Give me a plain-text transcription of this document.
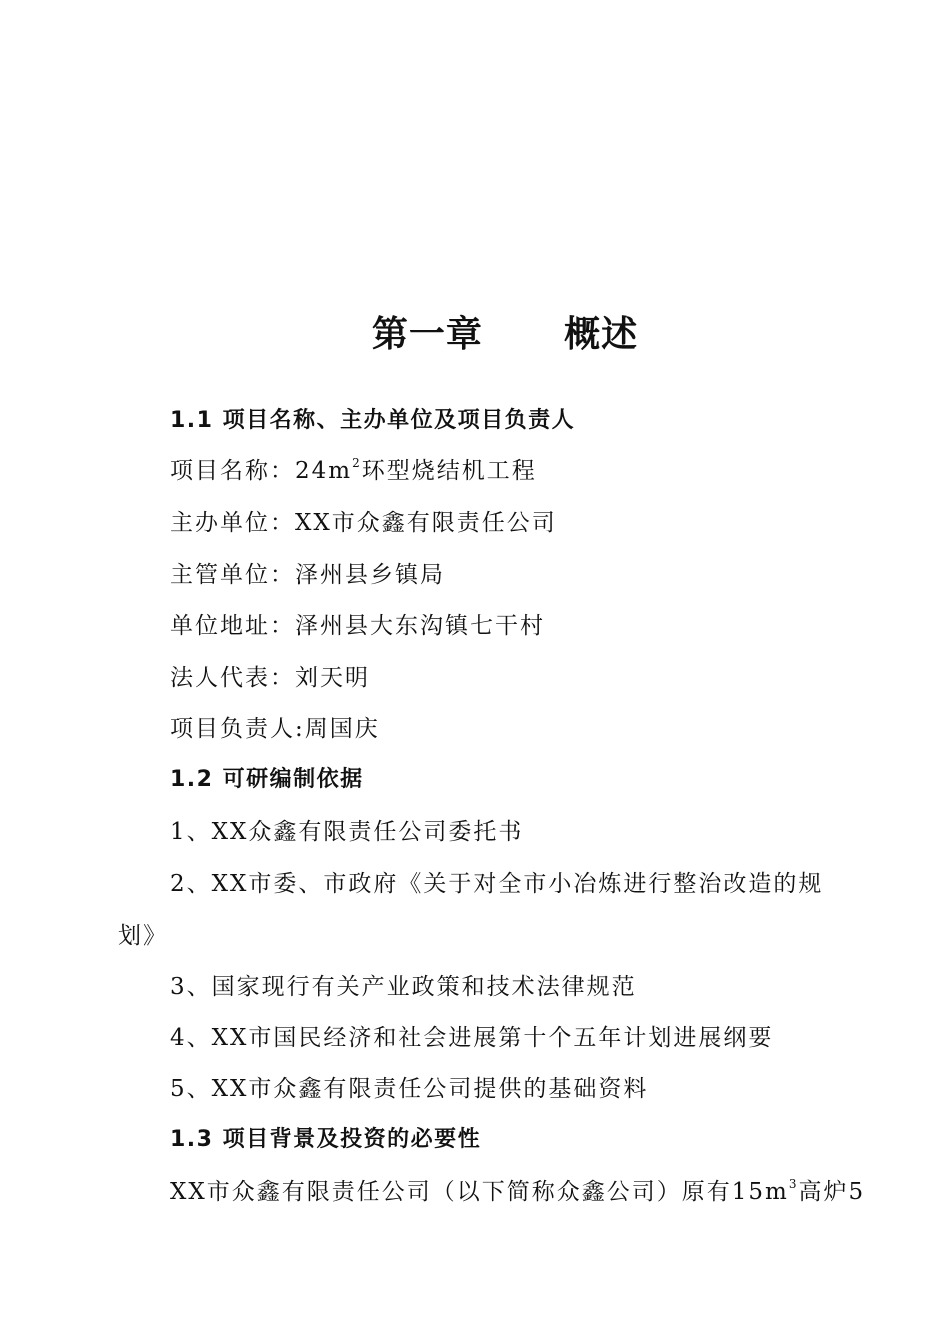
第一章      概述

1.1 项目名称、主办单位及项目负责人

项目名称：$24m^2$环型烧结机工程

主办单位：XX市众鑫有限责任公司

主管单位：泽州县乡镇局

单位地址：泽州县大东沟镇七干村

法人代表：刘天明

项目负责人:周国庆

1.2 可研编制依据

1、XX众鑫有限责任公司委托书

2、XX市委、市政府《关于对全市小冶炼进行整治改造的规

划》

3、国家现行有关产业政策和技术法律规范

4、XX市国民经济和社会进展第十个五年计划进展纲要

5、XX市众鑫有限责任公司提供的基础资料

1.3 项目背景及投资的必要性

XX市众鑫有限责任公司（以下简称众鑫公司）原有$15m^3$高炉5
